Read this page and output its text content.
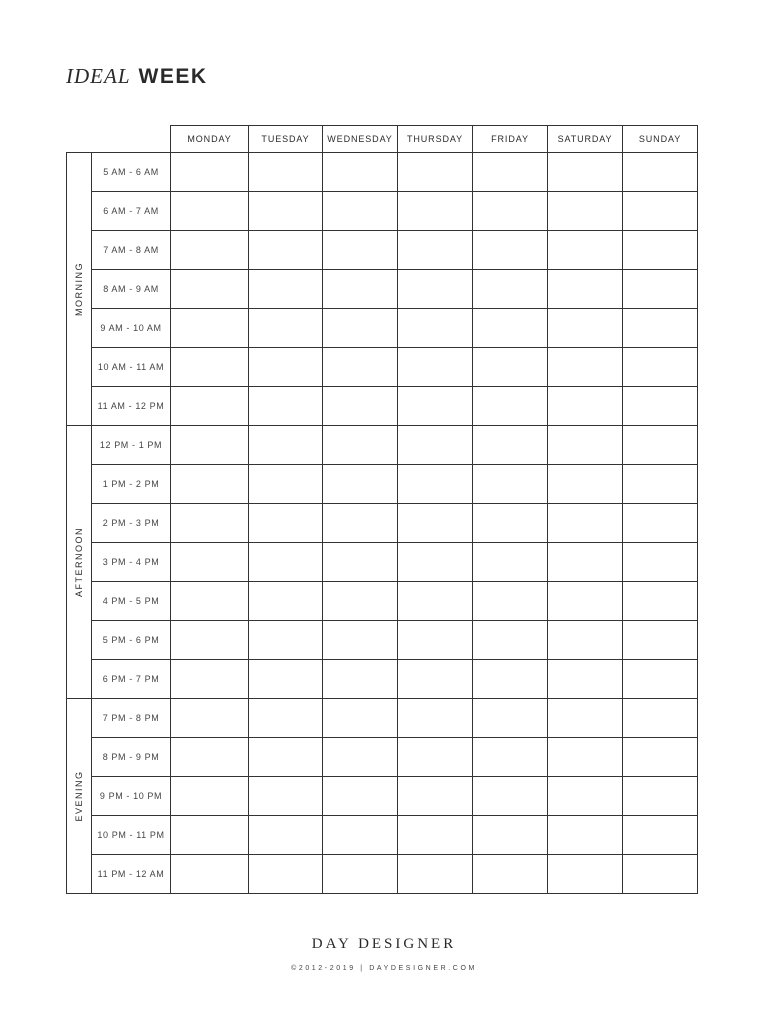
IDEAL WEEK
		MONDAY	TUESDAY	WEDNESDAY	THURSDAY	FRIDAY	SATURDAY	SUNDAY

MORNING	5 AM - 6 AM							
	6 AM - 7 AM							
	7 AM - 8 AM							
	8 AM - 9 AM							
	9 AM - 10 AM							
	10 AM - 11 AM							
	11 AM - 12 PM							

AFTERNOON	12 PM - 1 PM							
	1 PM - 2 PM							
	2 PM - 3 PM							
	3 PM - 4 PM							
	4 PM - 5 PM							
	5 PM - 6 PM							
	6 PM - 7 PM							

EVENING	7 PM - 8 PM							
	8 PM - 9 PM							
	9 PM - 10 PM							
	10 PM - 11 PM							
	11 PM - 12 AM							
DAY DESIGNER
©2012-2019 | DAYDESIGNER.COM
